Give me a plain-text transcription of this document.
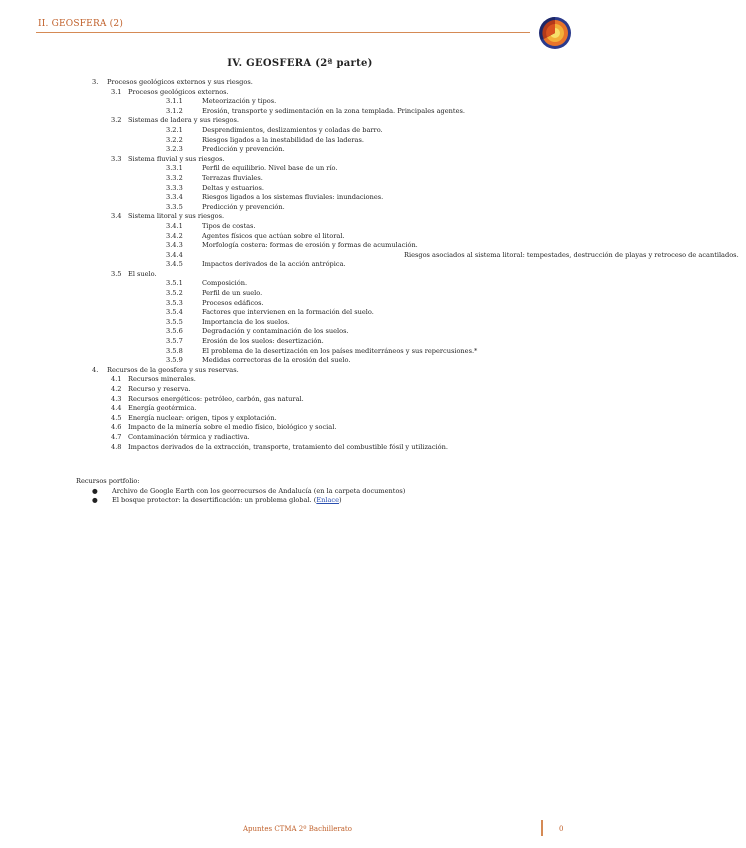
II. GEOSFERA (2)
IV. GEOSFERA (2ª parte)
3. Procesos geológicos externos y sus riesgos.
3.1 Procesos geológicos externos.
3.1.1	Meteorización y tipos.
3.1.2	Erosión, transporte y sedimentación en la zona templada. Principales agentes.
3.2 Sistemas de ladera y sus riesgos.
3.2.1	Desprendimientos, deslizamientos y coladas de barro.
3.2.2	Riesgos ligados a la inestabilidad de las laderas.
3.2.3	Predicción y prevención.
3.3 Sistema fluvial y sus riesgos.
3.3.1	Perfil de equilibrio. Nivel base de un río.
3.3.2	Terrazas fluviales.
3.3.3	Deltas y estuarios.
3.3.4	Riesgos ligados a los sistemas fluviales: inundaciones.
3.3.5	Predicción y prevención.
3.4 Sistema litoral y sus riesgos.
3.4.1	Tipos de costas.
3.4.2	Agentes físicos que actúan sobre el litoral.
3.4.3	Morfología costera: formas de erosión y formas de acumulación.
3.4.4	Riesgos asociados al sistema litoral: tempestades, destrucción de playas y retroceso de acantilados.
3.4.5	Impactos derivados de la acción antrópica.
3.5 El suelo.
3.5.1	Composición.
3.5.2	Perfil de un suelo.
3.5.3	Procesos edáficos.
3.5.4	Factores que intervienen en la formación del suelo.
3.5.5	Importancia de los suelos.
3.5.6	Degradación y contaminación de los suelos.
3.5.7	Erosión de los suelos: desertización.
3.5.8	El problema de la desertización en los países mediterráneos y sus repercusiones.*
3.5.9	Medidas correctoras de la erosión del suelo.
4. Recursos de la geosfera y sus reservas.
4.1 Recursos minerales.
4.2 Recurso y reserva.
4.3 Recursos energéticos: petróleo, carbón, gas natural.
4.4 Energía geotérmica.
4.5 Energía nuclear: origen, tipos y explotación.
4.6 Impacto de la minería sobre el medio físico, biológico y social.
4.7 Contaminación térmica y radiactiva.
4.8 Impactos derivados de la extracción, transporte, tratamiento del combustible fósil y utilización.
Recursos portfolio:
● Archivo de Google Earth con los georrecursos de Andalucía (en la carpeta documentos)
● El bosque protector: la desertificación: un problema global. (Enlace)
Apuntes CTMA 2º Bachillerato	0
